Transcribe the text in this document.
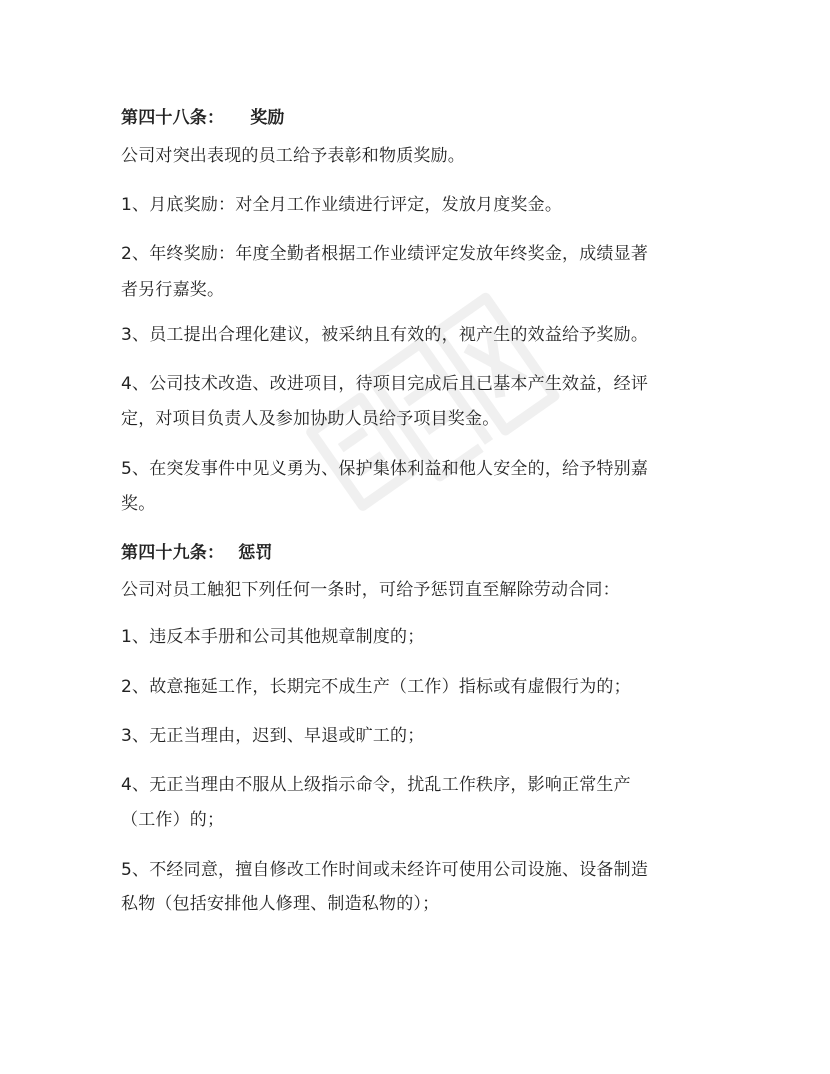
第四十八条： 奖励
公司对突出表现的员工给予表彰和物质奖励。
1、月底奖励：对全月工作业绩进行评定，发放月度奖金。
2、年终奖励：年度全勤者根据工作业绩评定发放年终奖金，成绩显著
者另行嘉奖。
3、员工提出合理化建议，被采纳且有效的，视产生的效益给予奖励。
4、公司技术改造、改进项目，待项目完成后且已基本产生效益，经评
定，对项目负责人及参加协助人员给予项目奖金。
5、在突发事件中见义勇为、保护集体利益和他人安全的，给予特别嘉
奖。
第四十九条： 惩罚
公司对员工触犯下列任何一条时，可给予惩罚直至解除劳动合同：
1、违反本手册和公司其他规章制度的；
2、故意拖延工作，长期完不成生产（工作）指标或有虚假行为的；
3、无正当理由，迟到、早退或旷工的；
4、无正当理由不服从上级指示命令，扰乱工作秩序，影响正常生产
（工作）的；
5、不经同意，擅自修改工作时间或未经许可使用公司设施、设备制造
私物（包括安排他人修理、制造私物的）；
